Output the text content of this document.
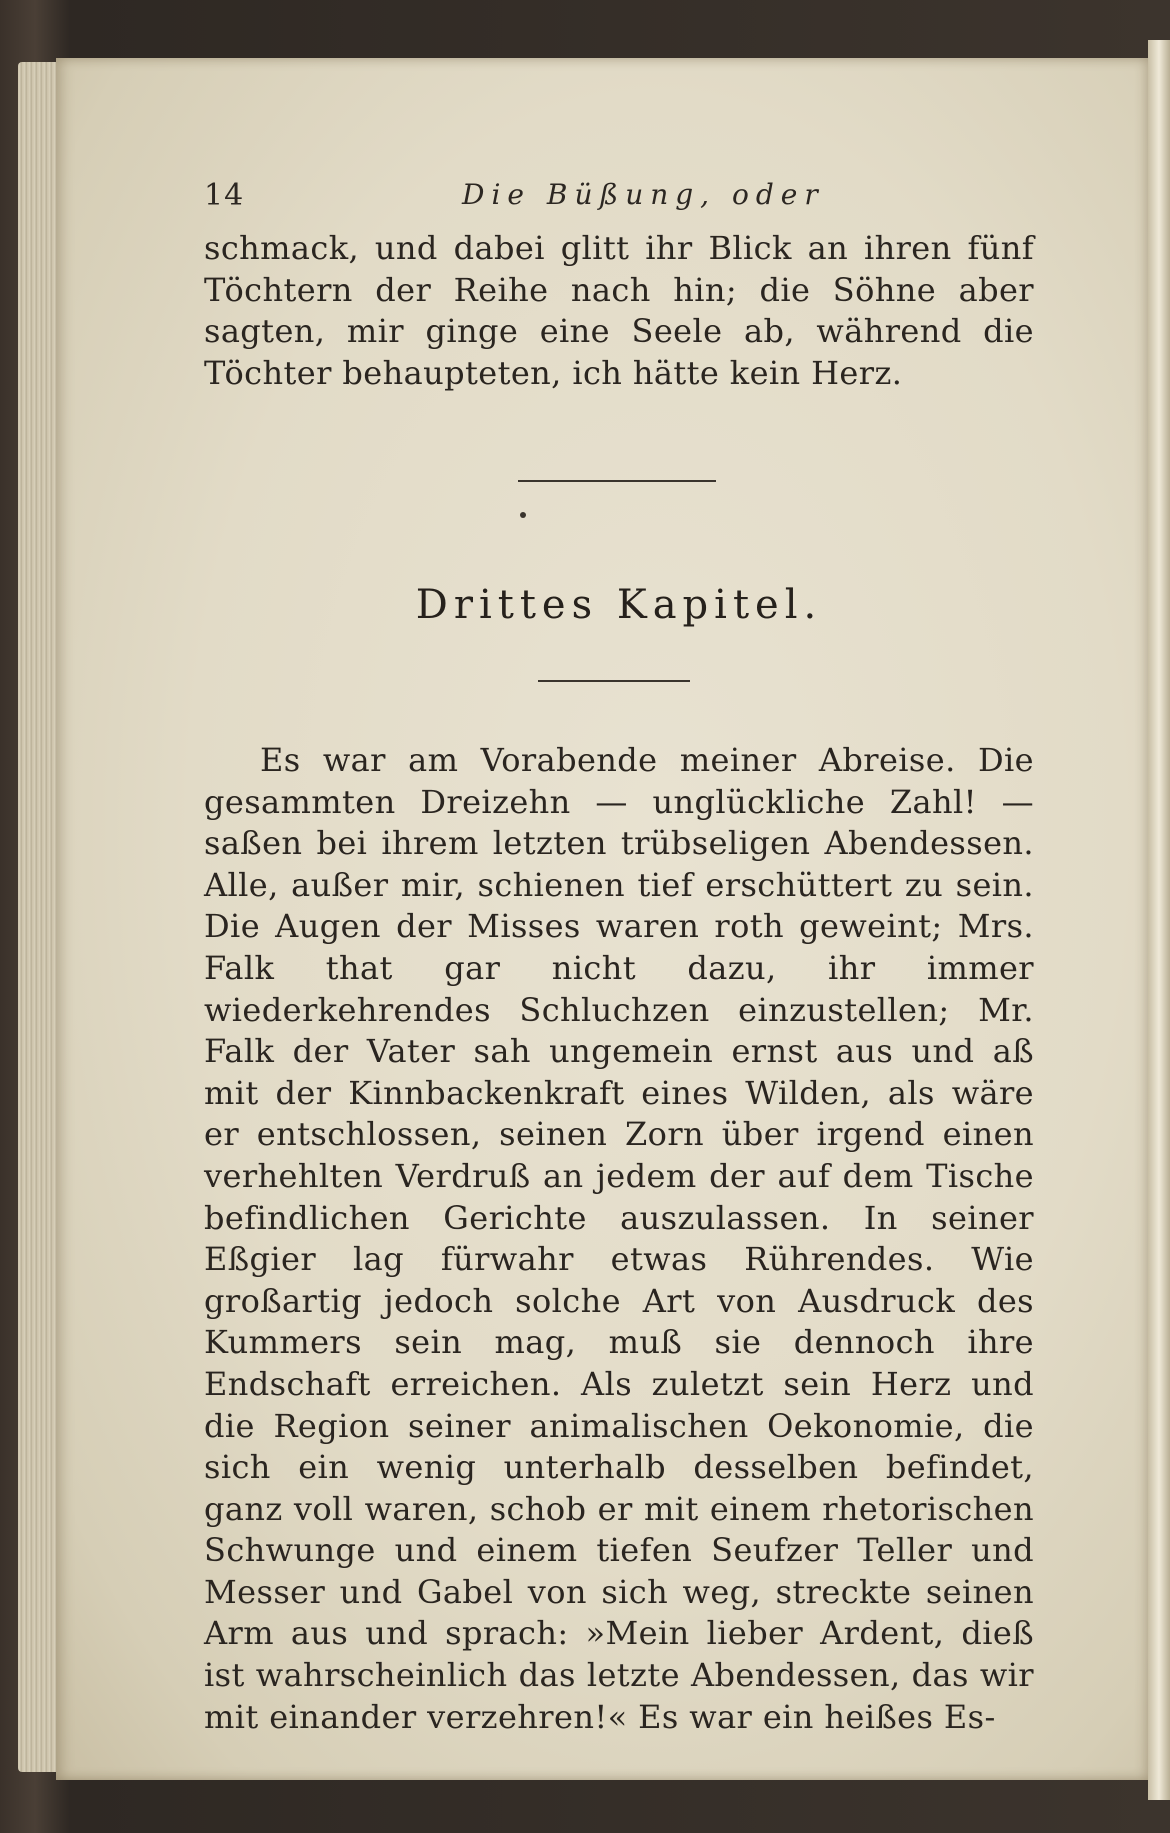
14	Die Büßung, oder
schmack, und dabei glitt ihr Blick an ihren fünf Töchtern der Reihe nach hin; die Söhne aber sagten, mir ginge eine Seele ab, während die Töchter behaupteten, ich hätte kein Herz.
Drittes Kapitel.
Es war am Vorabende meiner Abreise. Die gesammten Dreizehn — unglückliche Zahl! — saßen bei ihrem letzten trübseligen Abendessen. Alle, außer mir, schienen tief erschüttert zu sein. Die Augen der Misses waren roth geweint; Mrs. Falk that gar nicht dazu, ihr immer wiederkehrendes Schluchzen einzustellen; Mr. Falk der Vater sah ungemein ernst aus und aß mit der Kinnbackenkraft eines Wilden, als wäre er entschlossen, seinen Zorn über irgend einen verhehlten Verdruß an jedem der auf dem Tische befindlichen Gerichte auszulassen. In seiner Eßgier lag fürwahr etwas Rührendes. Wie großartig jedoch solche Art von Ausdruck des Kummers sein mag, muß sie dennoch ihre Endschaft erreichen. Als zuletzt sein Herz und die Region seiner animalischen Oekonomie, die sich ein wenig unterhalb desselben befindet, ganz voll waren, schob er mit einem rhetorischen Schwunge und einem tiefen Seufzer Teller und Messer und Gabel von sich weg, streckte seinen Arm aus und sprach: »Mein lieber Ardent, dieß ist wahrscheinlich das letzte Abendessen, das wir mit einander verzehren!« Es war ein heißes Es-
